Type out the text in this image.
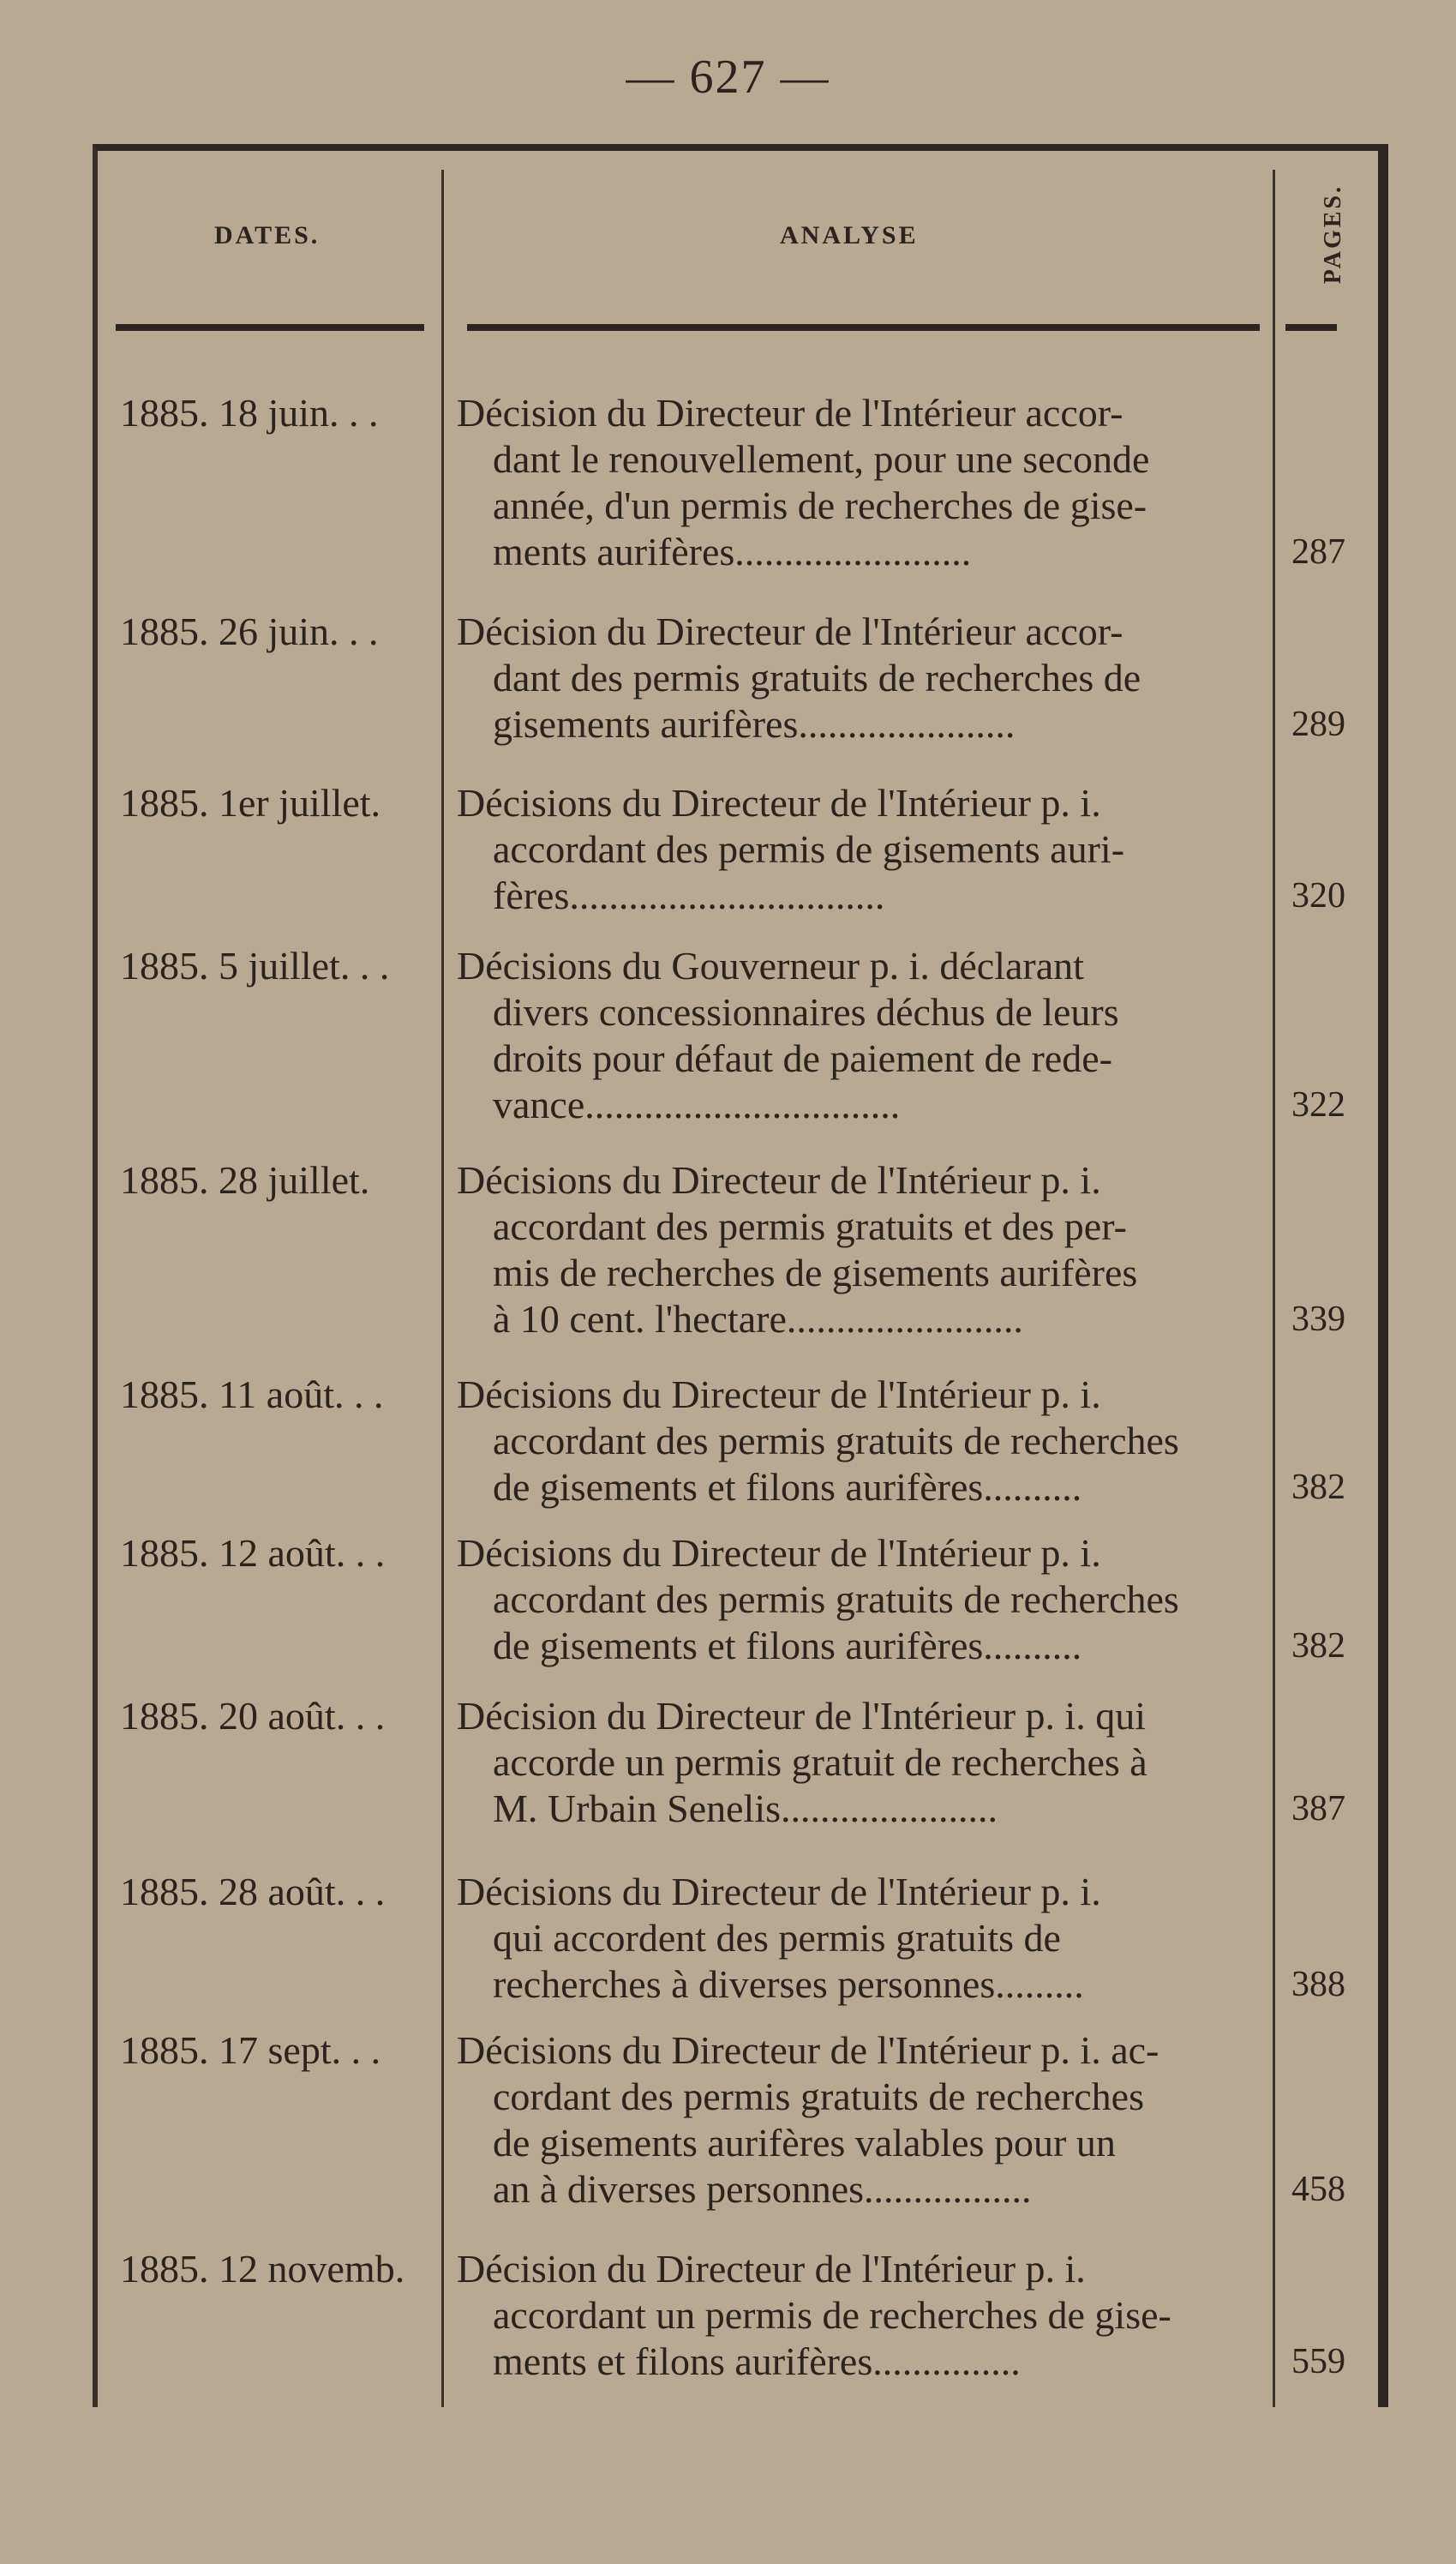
— 627 —
DATES.	ANALYSE	PAGES.
1885. 18 juin. . .	Décision du Directeur de l'Intérieur accor-
dant le renouvellement, pour une seconde
année, d'un permis de recherches de gise-
ments aurifères........................	287
1885. 26 juin. . .	Décision du Directeur de l'Intérieur accor-
dant des permis gratuits de recherches de
gisements aurifères......................	289
1885. 1er juillet.	Décisions du Directeur de l'Intérieur p. i.
accordant des permis de gisements auri-
fères................................	320
1885. 5 juillet. . .	Décisions du Gouverneur p. i. déclarant
divers concessionnaires déchus de leurs
droits pour défaut de paiement de rede-
vance................................	322
1885. 28 juillet.	Décisions du Directeur de l'Intérieur p. i.
accordant des permis gratuits et des per-
mis de recherches de gisements aurifères
à 10 cent. l'hectare........................	339
1885. 11 août. . .	Décisions du Directeur de l'Intérieur p. i.
accordant des permis gratuits de recherches
de gisements et filons aurifères..........	382
1885. 12 août. . .	Décisions du Directeur de l'Intérieur p. i.
accordant des permis gratuits de recherches
de gisements et filons aurifères..........	382
1885. 20 août. . .	Décision du Directeur de l'Intérieur p. i. qui
accorde un permis gratuit de recherches à
M. Urbain Senelis......................	387
1885. 28 août. . .	Décisions du Directeur de l'Intérieur p. i.
qui accordent des permis gratuits de
recherches à diverses personnes.........	388
1885. 17 sept. . .	Décisions du Directeur de l'Intérieur p. i. ac-
cordant des permis gratuits de recherches
de gisements aurifères valables pour un
an à diverses personnes.................	458
1885. 12 novemb.	Décision du Directeur de l'Intérieur p. i.
accordant un permis de recherches de gise-
ments et filons aurifères...............	559
